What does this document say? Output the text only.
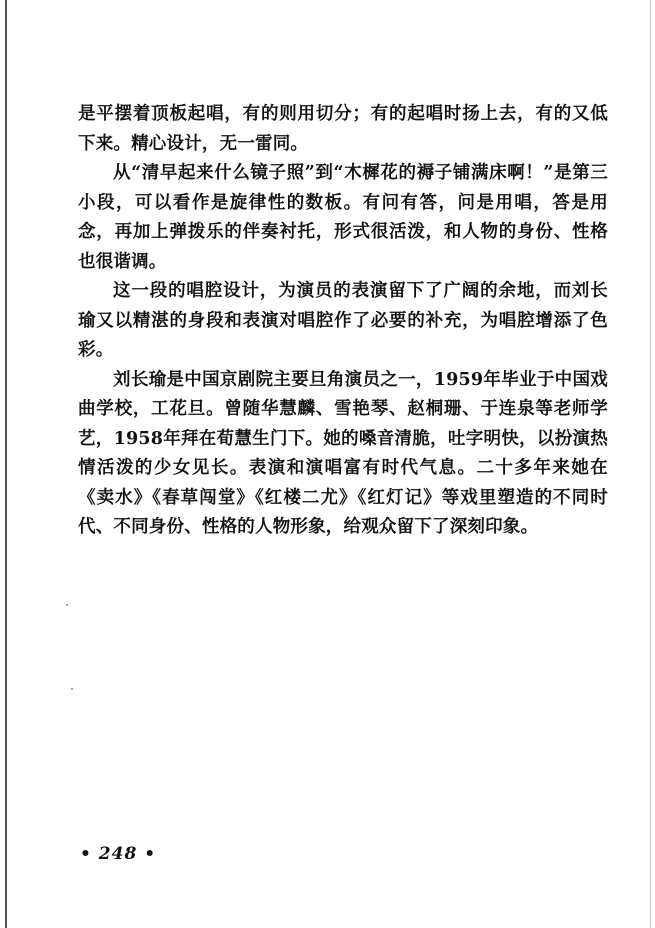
是平摆着顶板起唱，有的则用切分；有的起唱时扬上去，有的又低下来。精心设计，无一雷同。

从“清早起来什么镜子照”到“木樨花的褥子铺满床啊！”是第三小段，可以看作是旋律性的数板。有问有答，问是用唱，答是用念，再加上弹拨乐的伴奏衬托，形式很活泼，和人物的身份、性格也很谐调。

这一段的唱腔设计，为演员的表演留下了广阔的余地，而刘长瑜又以精湛的身段和表演对唱腔作了必要的补充，为唱腔增添了色彩。

刘长瑜是中国京剧院主要旦角演员之一，1959年毕业于中国戏曲学校，工花旦。曾随华慧麟、雪艳琴、赵桐珊、于连泉等老师学艺，1958年拜在荀慧生门下。她的嗓音清脆，吐字明快，以扮演热情活泼的少女见长。表演和演唱富有时代气息。二十多年来她在《卖水》《春草闯堂》《红楼二尤》《红灯记》等戏里塑造的不同时代、不同身份、性格的人物形象，给观众留下了深刻印象。

• 248 •
